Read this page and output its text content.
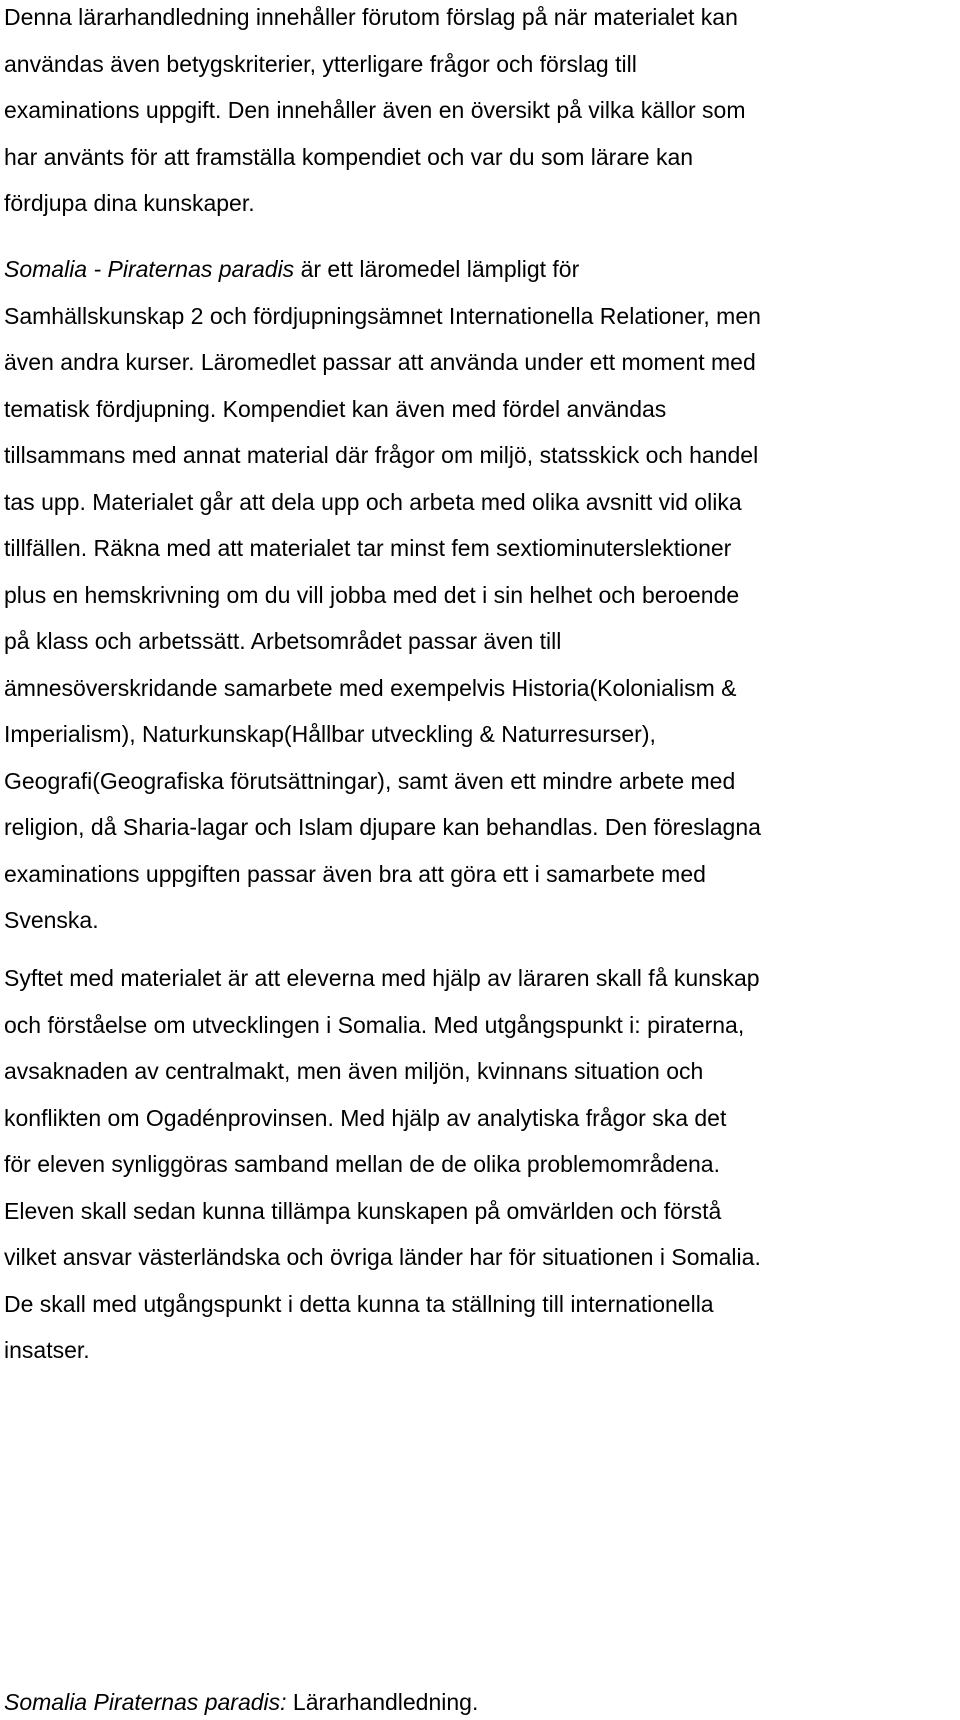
Denna lärarhandledning innehåller förutom förslag på när materialet kan
användas även betygskriterier, ytterligare frågor och förslag till
examinations uppgift. Den innehåller även en översikt på vilka källor som
har använts för att framställa kompendiet och var du som lärare kan
fördjupa dina kunskaper.

Somalia - Piraternas paradis är ett läromedel lämpligt för
Samhällskunskap 2 och fördjupningsämnet Internationella Relationer, men
även andra kurser. Läromedlet passar att använda under ett moment med
tematisk fördjupning. Kompendiet kan även med fördel användas
tillsammans med annat material där frågor om miljö, statsskick och handel
tas upp. Materialet går att dela upp och arbeta med olika avsnitt vid olika
tillfällen. Räkna med att materialet tar minst fem sextiominuterslektioner
plus en hemskrivning om du vill jobba med det i sin helhet och beroende
på klass och arbetssätt. Arbetsområdet passar även till
ämnesöverskridande samarbete med exempelvis Historia(Kolonialism &
Imperialism), Naturkunskap(Hållbar utveckling & Naturresurser),
Geografi(Geografiska förutsättningar), samt även ett mindre arbete med
religion, då Sharia-lagar och Islam djupare kan behandlas. Den föreslagna
examinations uppgiften passar även bra att göra ett i samarbete med
Svenska.

Syftet med materialet är att eleverna med hjälp av läraren skall få kunskap
och förståelse om utvecklingen i Somalia. Med utgångspunkt i: piraterna,
avsaknaden av centralmakt, men även miljön, kvinnans situation och
konflikten om Ogadénprovinsen. Med hjälp av analytiska frågor ska det
för eleven synliggöras samband mellan de de olika problemområdena.
Eleven skall sedan kunna tillämpa kunskapen på omvärlden och förstå
vilket ansvar västerländska och övriga länder har för situationen i Somalia.
De skall med utgångspunkt i detta kunna ta ställning till internationella
insatser.

Somalia Piraternas paradis: Lärarhandledning.
